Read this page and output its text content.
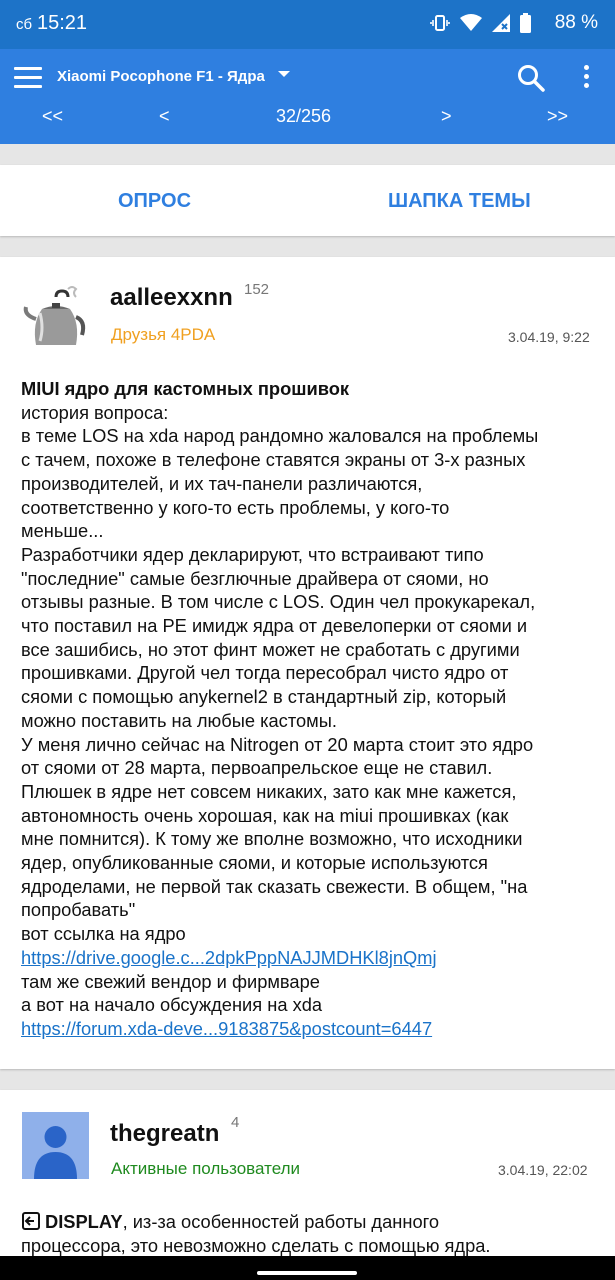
сб 15:21	88 %
Xiaomi Pocophone F1 - Ядра
<<	<	32/256	>	>>
ОПРОС	ШАПКА ТЕМЫ
aalleexxnn 152
Друзья 4PDA	3.04.19, 9:22
MIUI ядро для кастомных прошивок
история вопроса:
в теме LOS на xda народ рандомно жаловался на проблемы
с тачем, похоже в телефоне ставятся экраны от 3-х разных
производителей, и их тач-панели различаются,
соответственно у кого-то есть проблемы, у кого-то
меньше...
Разработчики ядер декларируют, что встраивают типо
"последние" самые безглючные драйвера от сяоми, но
отзывы разные. В том числе с LOS. Один чел прокукарекал,
что поставил на PE имидж ядра от девелоперки от сяоми и
все зашибись, но этот финт может не сработать с другими
прошивками. Другой чел тогда пересобрал чисто ядро от
сяоми с помощью anykernel2 в стандартный zip, который
можно поставить на любые кастомы.
У меня лично сейчас на Nitrogen от 20 марта стоит это ядро
от сяоми от 28 марта, первоапрельское еще не ставил.
Плюшек в ядре нет совсем никаких, зато как мне кажется,
автономность очень хорошая, как на miui прошивках (как
мне помнится). К тому же вполне возможно, что исходники
ядер, опубликованные сяоми, и которые используются
ядроделами, не первой так сказать свежести. В общем, "на
попробавать"
вот ссылка на ядро
https://drive.google.c...2dpkPppNAJJMDHKl8jnQmj
там же свежий вендор и фирмваре
а вот на начало обсуждения на xda
https://forum.xda-deve...9183875&postcount=6447
thegreatn 4
Активные пользователи	3.04.19, 22:02
DISPLAY, из-за особенностей работы данного
процессора, это невозможно сделать с помощью ядра.
